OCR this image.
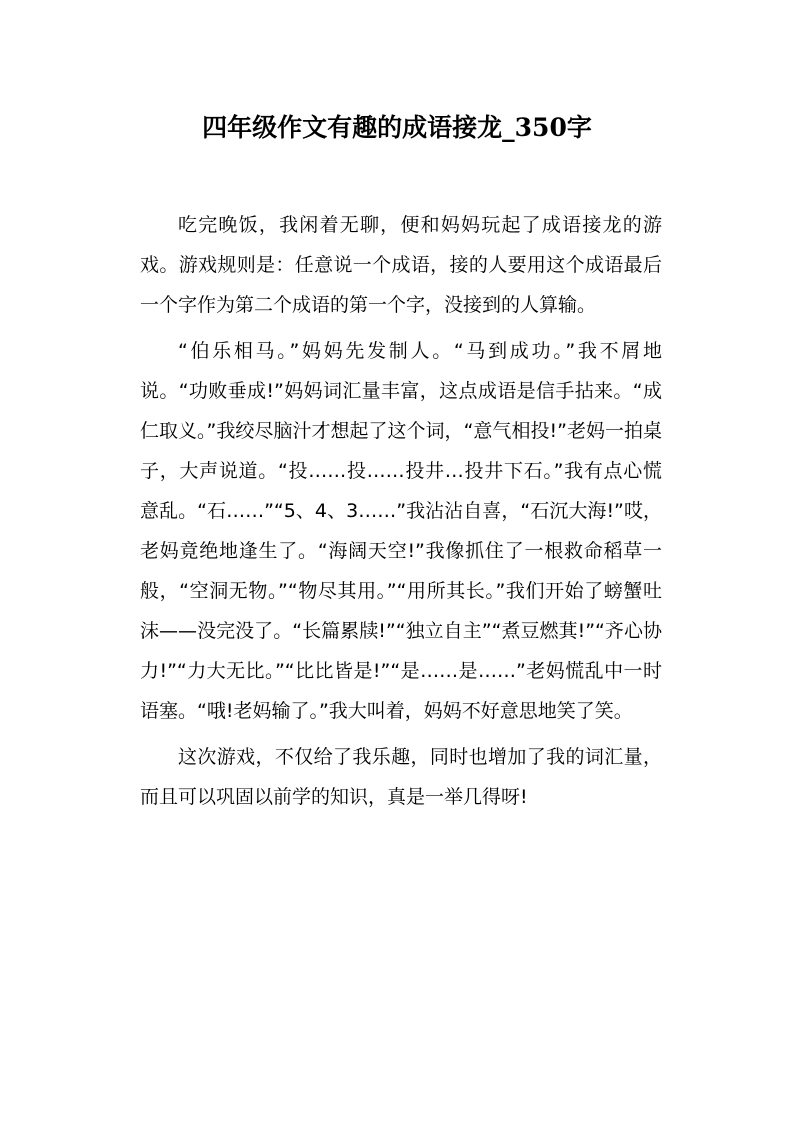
四年级作文有趣的成语接龙_350字

吃完晚饭，我闲着无聊，便和妈妈玩起了成语接龙的游戏。游戏规则是：任意说一个成语，接的人要用这个成语最后一个字作为第二个成语的第一个字，没接到的人算输。

“伯乐相马。”妈妈先发制人。“马到成功。”我不屑地说。“功败垂成!”妈妈词汇量丰富，这点成语是信手拈来。“成仁取义。”我绞尽脑汁才想起了这个词，“意气相投!”老妈一拍桌子，大声说道。“投……投……投井…投井下石。”我有点心慌意乱。“石……”“5、4、3……”我沾沾自喜，“石沉大海!”哎，老妈竟绝地逢生了。“海阔天空!”我像抓住了一根救命稻草一般，“空洞无物。”“物尽其用。”“用所其长。”我们开始了螃蟹吐沫——没完没了。“长篇累牍!”“独立自主”“煮豆燃萁!”“齐心协力!”“力大无比。”“比比皆是!”“是……是……”老妈慌乱中一时语塞。“哦!老妈输了。”我大叫着，妈妈不好意思地笑了笑。

这次游戏，不仅给了我乐趣，同时也增加了我的词汇量，而且可以巩固以前学的知识，真是一举几得呀!
